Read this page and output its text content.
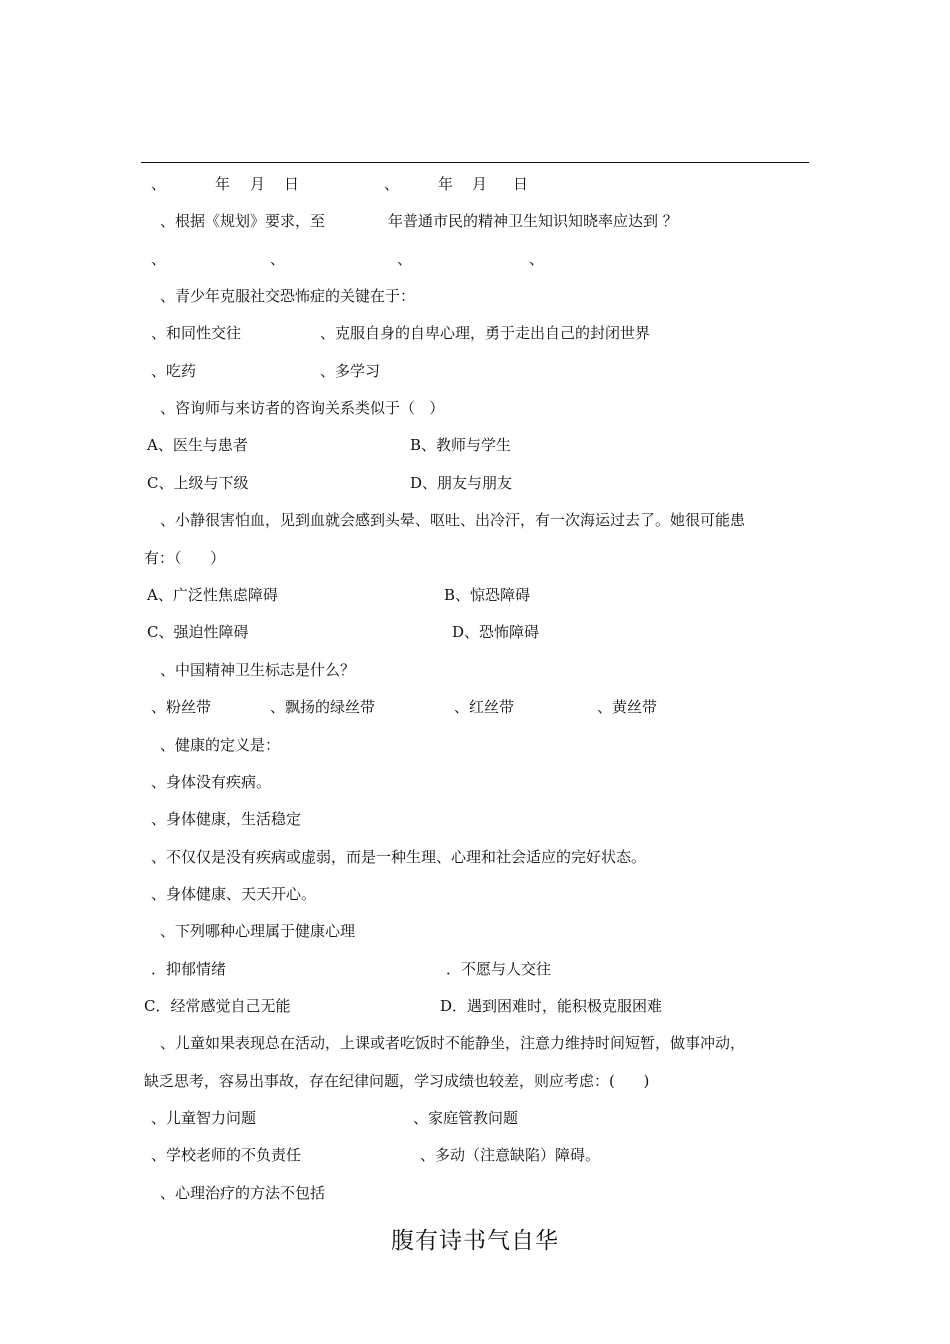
、	年 月 日	、	年 月 日
、根据《规划》要求，至	年普通市民的精神卫生知识知晓率应达到 ？
、	、	、	、
、青少年克服社交恐怖症的关键在于：
、和同性交往	、克服自身的自卑心理，勇于走出自己的封闭世界
、吃药	、多学习
、咨询师与来访者的咨询关系类似于（   ）
A、医生与患者	B、教师与学生
C、上级与下级	D、朋友与朋友
、小静很害怕血，见到血就会感到头晕、呕吐、出冷汗，有一次海运过去了。她很可能患
有：（      ）
A、广泛性焦虑障碍	B、惊恐障碍
C、强迫性障碍	D、恐怖障碍
、中国精神卫生标志是什么？
、粉丝带	、飘扬的绿丝带	、红丝带	、黄丝带
、健康的定义是：
、身体没有疾病。
、身体健康，生活稳定
、不仅仅是没有疾病或虚弱，而是一种生理、心理和社会适应的完好状态。
、身体健康、天天开心。
、下列哪种心理属于健康心理
．抑郁情绪	．不愿与人交往
C．经常感觉自己无能	D．遇到困难时，能积极克服困难
、儿童如果表现总在活动，上课或者吃饭时不能静坐，注意力维持时间短暂，做事冲动，
缺乏思考，容易出事故，存在纪律问题，学习成绩也较差，则应考虑：(      )
、儿童智力问题	、家庭管教问题
、学校老师的不负责任	、多动（注意缺陷）障碍。
、心理治疗的方法不包括
腹有诗书气自华
